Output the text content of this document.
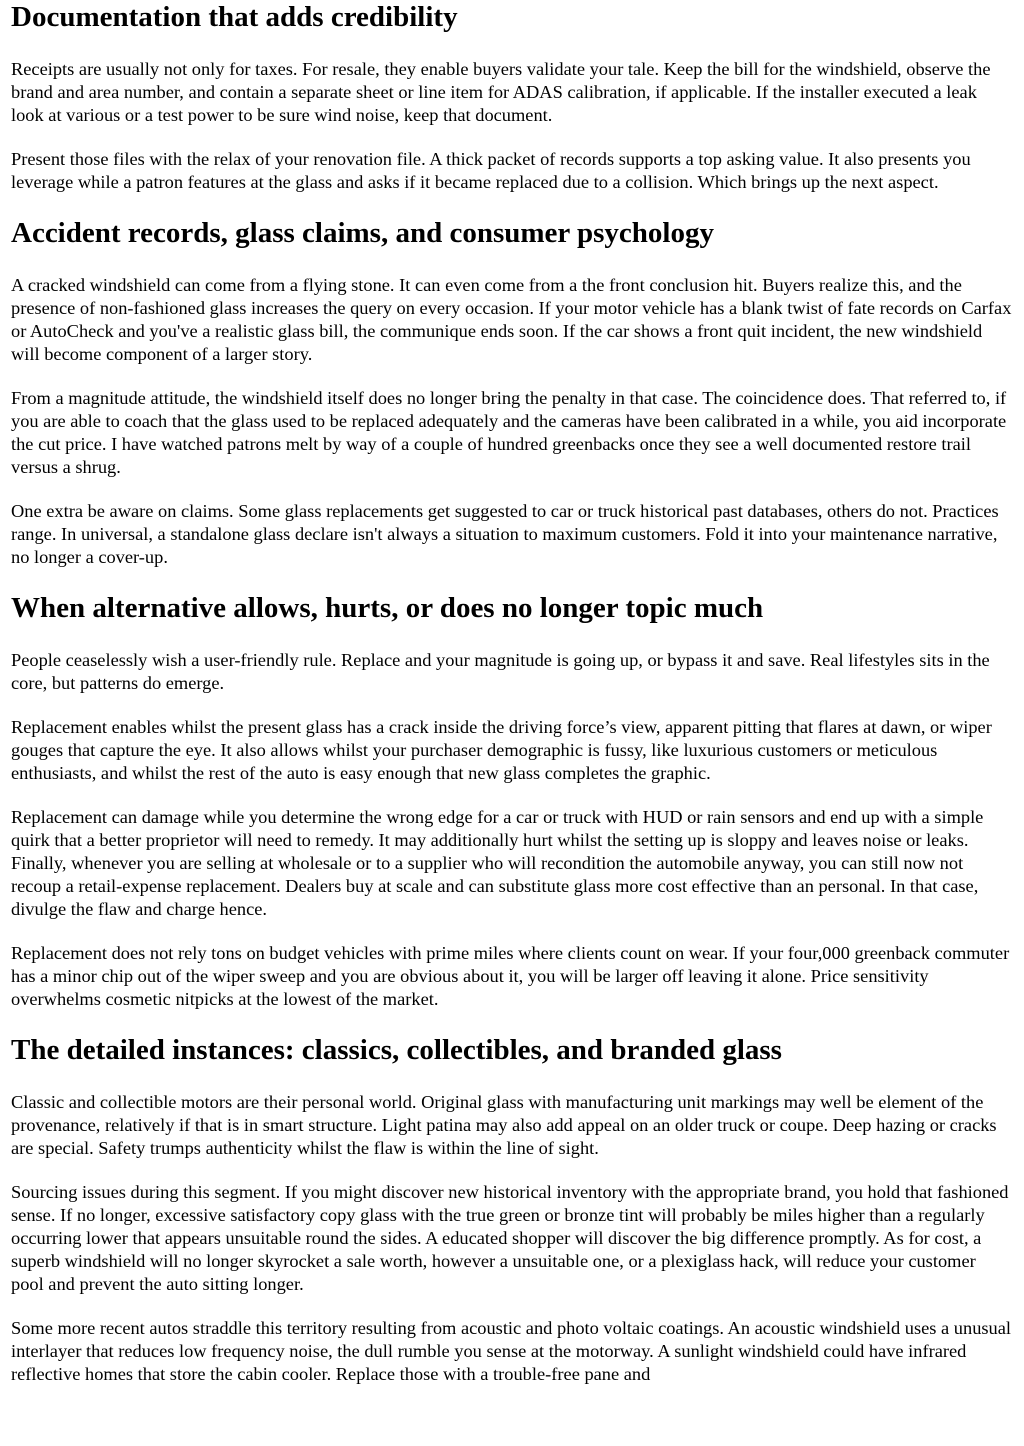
Documentation that adds credibility

Receipts are usually not only for taxes. For resale, they enable buyers validate your tale. Keep the bill for the windshield, observe the brand and area number, and contain a separate sheet or line item for ADAS calibration, if applicable. If the installer executed a leak look at various or a test power to be sure wind noise, keep that document.

Present those files with the relax of your renovation file. A thick packet of records supports a top asking value. It also presents you leverage while a patron features at the glass and asks if it became replaced due to a collision. Which brings up the next aspect.

Accident records, glass claims, and consumer psychology

A cracked windshield can come from a flying stone. It can even come from a the front conclusion hit. Buyers realize this, and the presence of non-fashioned glass increases the query on every occasion. If your motor vehicle has a blank twist of fate records on Carfax or AutoCheck and you've a realistic glass bill, the communique ends soon. If the car shows a front quit incident, the new windshield will become component of a larger story.

From a magnitude attitude, the windshield itself does no longer bring the penalty in that case. The coincidence does. That referred to, if you are able to coach that the glass used to be replaced adequately and the cameras have been calibrated in a while, you aid incorporate the cut price. I have watched patrons melt by way of a couple of hundred greenbacks once they see a well documented restore trail versus a shrug.

One extra be aware on claims. Some glass replacements get suggested to car or truck historical past databases, others do not. Practices range. In universal, a standalone glass declare isn't always a situation to maximum customers. Fold it into your maintenance narrative, no longer a cover-up.

When alternative allows, hurts, or does no longer topic much

People ceaselessly wish a user-friendly rule. Replace and your magnitude is going up, or bypass it and save. Real lifestyles sits in the core, but patterns do emerge.

Replacement enables whilst the present glass has a crack inside the driving force’s view, apparent pitting that flares at dawn, or wiper gouges that capture the eye. It also allows whilst your purchaser demographic is fussy, like luxurious customers or meticulous enthusiasts, and whilst the rest of the auto is easy enough that new glass completes the graphic.

Replacement can damage while you determine the wrong edge for a car or truck with HUD or rain sensors and end up with a simple quirk that a better proprietor will need to remedy. It may additionally hurt whilst the setting up is sloppy and leaves noise or leaks. Finally, whenever you are selling at wholesale or to a supplier who will recondition the automobile anyway, you can still now not recoup a retail-expense replacement. Dealers buy at scale and can substitute glass more cost effective than an personal. In that case, divulge the flaw and charge hence.

Replacement does not rely tons on budget vehicles with prime miles where clients count on wear. If your four,000 greenback commuter has a minor chip out of the wiper sweep and you are obvious about it, you will be larger off leaving it alone. Price sensitivity overwhelms cosmetic nitpicks at the lowest of the market.

The detailed instances: classics, collectibles, and branded glass

Classic and collectible motors are their personal world. Original glass with manufacturing unit markings may well be element of the provenance, relatively if that is in smart structure. Light patina may also add appeal on an older truck or coupe. Deep hazing or cracks are special. Safety trumps authenticity whilst the flaw is within the line of sight.

Sourcing issues during this segment. If you might discover new historical inventory with the appropriate brand, you hold that fashioned sense. If no longer, excessive satisfactory copy glass with the true green or bronze tint will probably be miles higher than a regularly occurring lower that appears unsuitable round the sides. A educated shopper will discover the big difference promptly. As for cost, a superb windshield will no longer skyrocket a sale worth, however a unsuitable one, or a plexiglass hack, will reduce your customer pool and prevent the auto sitting longer.

Some more recent autos straddle this territory resulting from acoustic and photo voltaic coatings. An acoustic windshield uses a unusual interlayer that reduces low frequency noise, the dull rumble you sense at the motorway. A sunlight windshield could have infrared reflective homes that store the cabin cooler. Replace those with a trouble-free pane and
